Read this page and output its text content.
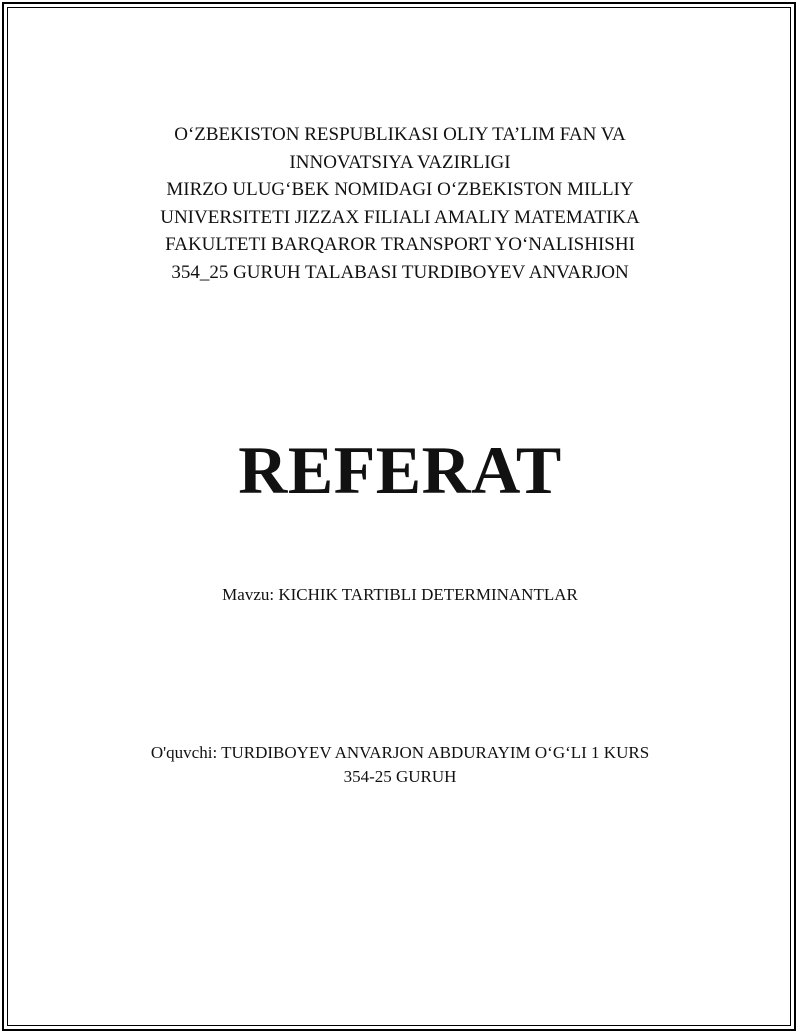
O‘ZBEKISTON RESPUBLIKASI OLIY TA’LIM FAN VA
INNOVATSIYA VAZIRLIGI
MIRZO ULUG‘BEK NOMIDAGI O‘ZBEKISTON MILLIY
UNIVERSITETI JIZZAX FILIALI AMALIY MATEMATIKA
FAKULTETI BARQAROR TRANSPORT YO‘NALISHISHI
354_25 GURUH TALABASI TURDIBOYEV ANVARJON
REFERAT
Mavzu: KICHIK TARTIBLI DETERMINANTLAR
O'quvchi: TURDIBOYEV ANVARJON ABDURAYIM O‘G‘LI 1 KURS
354-25 GURUH
